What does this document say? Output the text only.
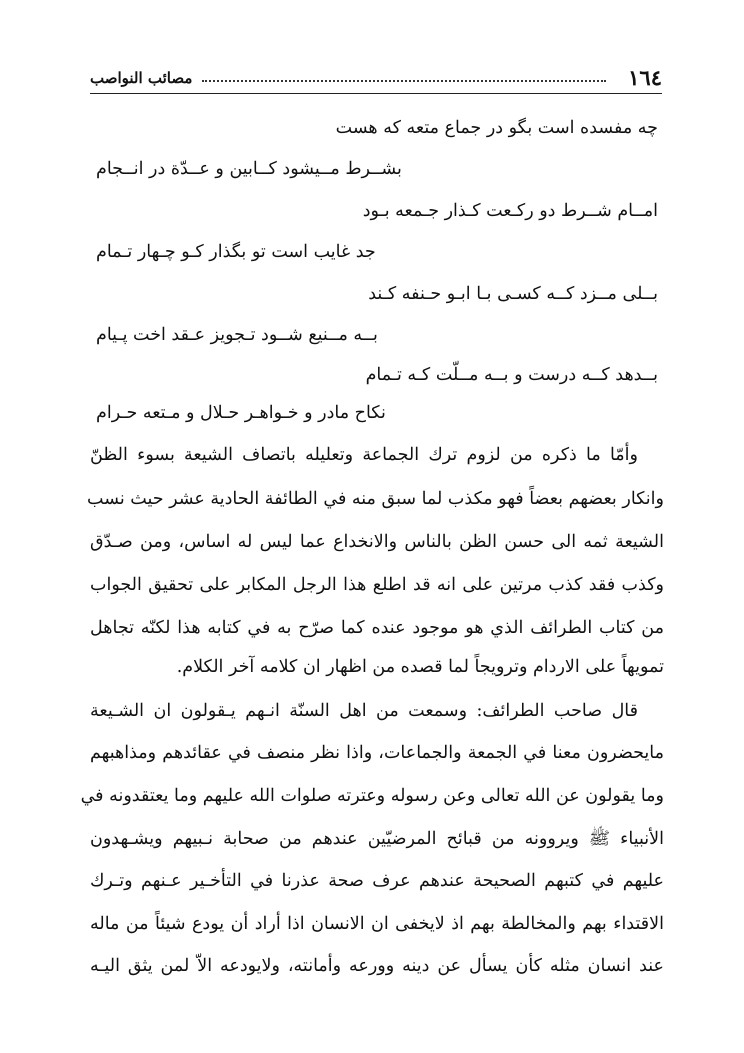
١٦٤
مصائب النواصب
چه مفسده است بگو در جماع متعه كه هست
بشــرط مــیشود كــابين و عــدّة در انــجام
امــام شــرط دو ركـعت كـذار جـمعه بـود
جد غايب است تو بگذار كـو چـهار تـمام
بــلی مــزد كــه كسـی بـا ابـو حـنفه كـند
بــه مــنيع شــود تـجويز عـقد اخت پـيام
بــدهد كــه درست و بــه مــلّت كـه تـمام
نكاح مادر و خـواهـر حـلال و مـتعه حـرام
وأمّا ما ذكره من لزوم ترك الجماعة وتعليله باتصاف الشيعة بسوء الظنّ
وانكار بعضهم بعضاً فهو مكذب لما سبق منه في الطائفة الحادية عشر حيث نسب
الشيعة ثمه الى حسن الظن بالناس والانخداع عما ليس له اساس، ومن صـدّق
وكذب فقد كذب مرتين على انه قد اطلع هذا الرجل المكابر على تحقيق الجواب
من كتاب الطرائف الذي هو موجود عنده كما صرّح به في كتابه هذا لكنّه تجاهل
تمويهاً على الاردام وترويجاً لما قصده من اظهار ان كلامه آخر الكلام.
قال صاحب الطرائف: وسمعت من اهل السنّة انـهم يـقولون ان الشـيعة
مايحضرون معنا في الجمعة والجماعات، واذا نظر منصف في عقائدهم ومذاهبهم
وما يقولون عن الله تعالى وعن رسوله وعترته صلوات الله عليهم وما يعتقدونه في
الأنبياء ﷺ ويروونه من قبائح المرضيّين عندهم من صحابة نـبيهم ويشـهدون
عليهم في كتبهم الصحيحة عندهم عرف صحة عذرنا في التأخـير عـنهم وتـرك
الاقتداء بهم والمخالطة بهم اذ لايخفى ان الانسان اذا أراد أن يودع شيئاً من ماله
عند انسان مثله كأن يسأل عن دينه وورعه وأمانته، ولايودعه الاّ لمن يثق اليـه
